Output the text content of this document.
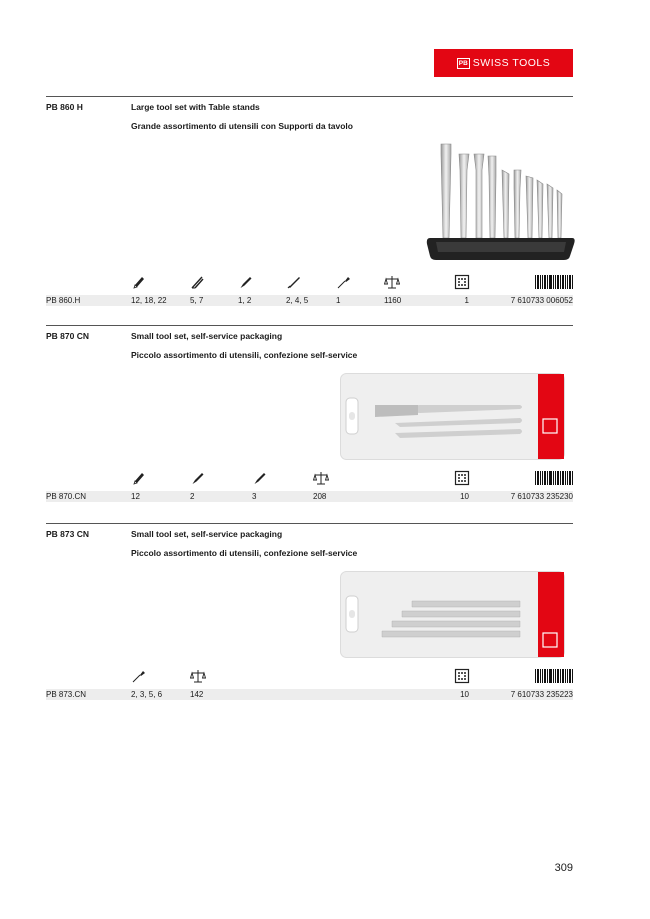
PB SWISS TOOLS
PB 860 H	Large tool set with Table stands
Grande assortimento di utensili con Supporti da tavolo
PB 860.H	12, 18, 22	5, 7	1, 2	2, 4, 5	1	1160	1	7 610733 006052
PB 870 CN	Small tool set, self-service packaging
Piccolo assortimento di utensili, confezione self-service
PB 870.CN	12	2	3	208	10	7 610733 235230
PB 873 CN	Small tool set, self-service packaging
Piccolo assortimento di utensili, confezione self-service
PB 873.CN	2, 3, 5, 6	142	10	7 610733 235223
309
